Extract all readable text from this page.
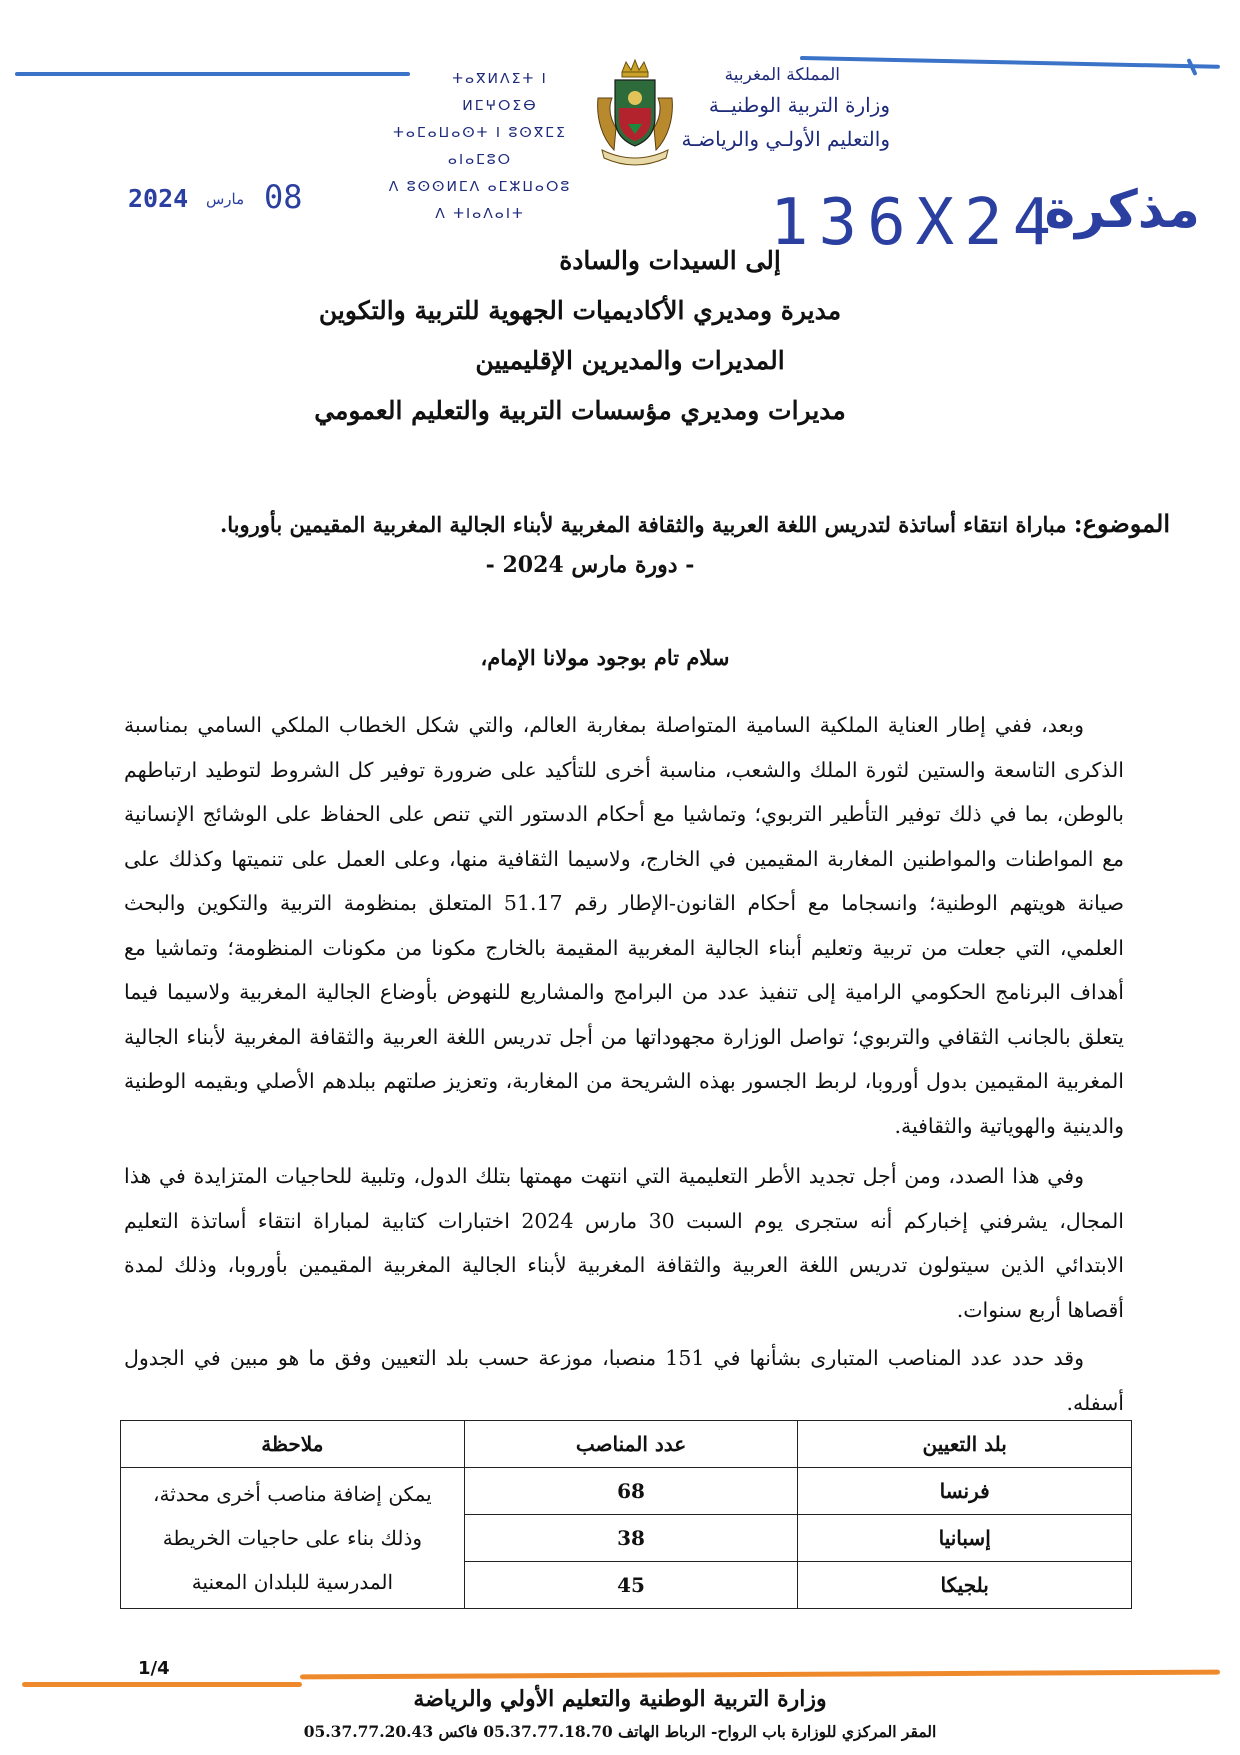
ⵜⴰⴳⵍⴷⵉⵜ ⵏ ⵍⵎⵖⵔⵉⴱ
ⵜⴰⵎⴰⵡⴰⵙⵜ ⵏ ⵓⵙⴳⵎⵉ ⴰⵏⴰⵎⵓⵔ
ⴷ ⵓⵙⵙⵍⵎⴷ ⴰⵎⵣⵡⴰⵔⵓ ⴷ ⵜⵏⴰⴷⴰⵏⵜ
المملكة المغربية
وزارة التربية الوطنيــة
والتعليم الأولـي والرياضـة
2024 مارس 08	136X24
مذكرة
إلى السيدات والسادة
مديرة ومديري الأكاديميات الجهوية للتربية والتكوين
المديرات والمديرين الإقليميين
مديرات ومديري مؤسسات التربية والتعليم العمومي
الموضوع: مباراة انتقاء أساتذة لتدريس اللغة العربية والثقافة المغربية لأبناء الجالية المغربية المقيمين بأوروبا.
- دورة مارس 2024 -
سلام تام بوجود مولانا الإمام،
وبعد، ففي إطار العناية الملكية السامية المتواصلة بمغاربة العالم، والتي شكل الخطاب الملكي السامي بمناسبة الذكرى التاسعة والستين لثورة الملك والشعب، مناسبة أخرى للتأكيد على ضرورة توفير كل الشروط لتوطيد ارتباطهم بالوطن، بما في ذلك توفير التأطير التربوي؛ وتماشيا مع أحكام الدستور التي تنص على الحفاظ على الوشائج الإنسانية مع المواطنات والمواطنين المغاربة المقيمين في الخارج، ولاسيما الثقافية منها، وعلى العمل على تنميتها وكذلك على صيانة هويتهم الوطنية؛ وانسجاما مع أحكام القانون-الإطار رقم 51.17 المتعلق بمنظومة التربية والتكوين والبحث العلمي، التي جعلت من تربية وتعليم أبناء الجالية المغربية المقيمة بالخارج مكونا من مكونات المنظومة؛ وتماشيا مع أهداف البرنامج الحكومي الرامية إلى تنفيذ عدد من البرامج والمشاريع للنهوض بأوضاع الجالية المغربية ولاسيما فيما يتعلق بالجانب الثقافي والتربوي؛ تواصل الوزارة مجهوداتها من أجل تدريس اللغة العربية والثقافة المغربية لأبناء الجالية المغربية المقيمين بدول أوروبا، لربط الجسور بهذه الشريحة من المغاربة، وتعزيز صلتهم ببلدهم الأصلي وبقيمه الوطنية والدينية والهوياتية والثقافية.
وفي هذا الصدد، ومن أجل تجديد الأطر التعليمية التي انتهت مهمتها بتلك الدول، وتلبية للحاجيات المتزايدة في هذا المجال، يشرفني إخباركم أنه ستجرى يوم السبت 30 مارس 2024 اختبارات كتابية لمباراة انتقاء أساتذة التعليم الابتدائي الذين سيتولون تدريس اللغة العربية والثقافة المغربية لأبناء الجالية المغربية المقيمين بأوروبا، وذلك لمدة أقصاها أربع سنوات.
وقد حدد عدد المناصب المتبارى بشأنها في 151 منصبا، موزعة حسب بلد التعيين وفق ما هو مبين في الجدول أسفله.
بلد التعيين	عدد المناصب	ملاحظة
فرنسا	68	يمكن إضافة مناصب أخرى محدثة، وذلك بناء على حاجيات الخريطة المدرسية للبلدان المعنية
إسبانيا	38	
بلجيكا	45	
1/4
وزارة التربية الوطنية والتعليم الأولي والرياضة
المقر المركزي للوزارة باب الرواح- الرباط الهاتف 05.37.77.18.70 فاكس 05.37.77.20.43
